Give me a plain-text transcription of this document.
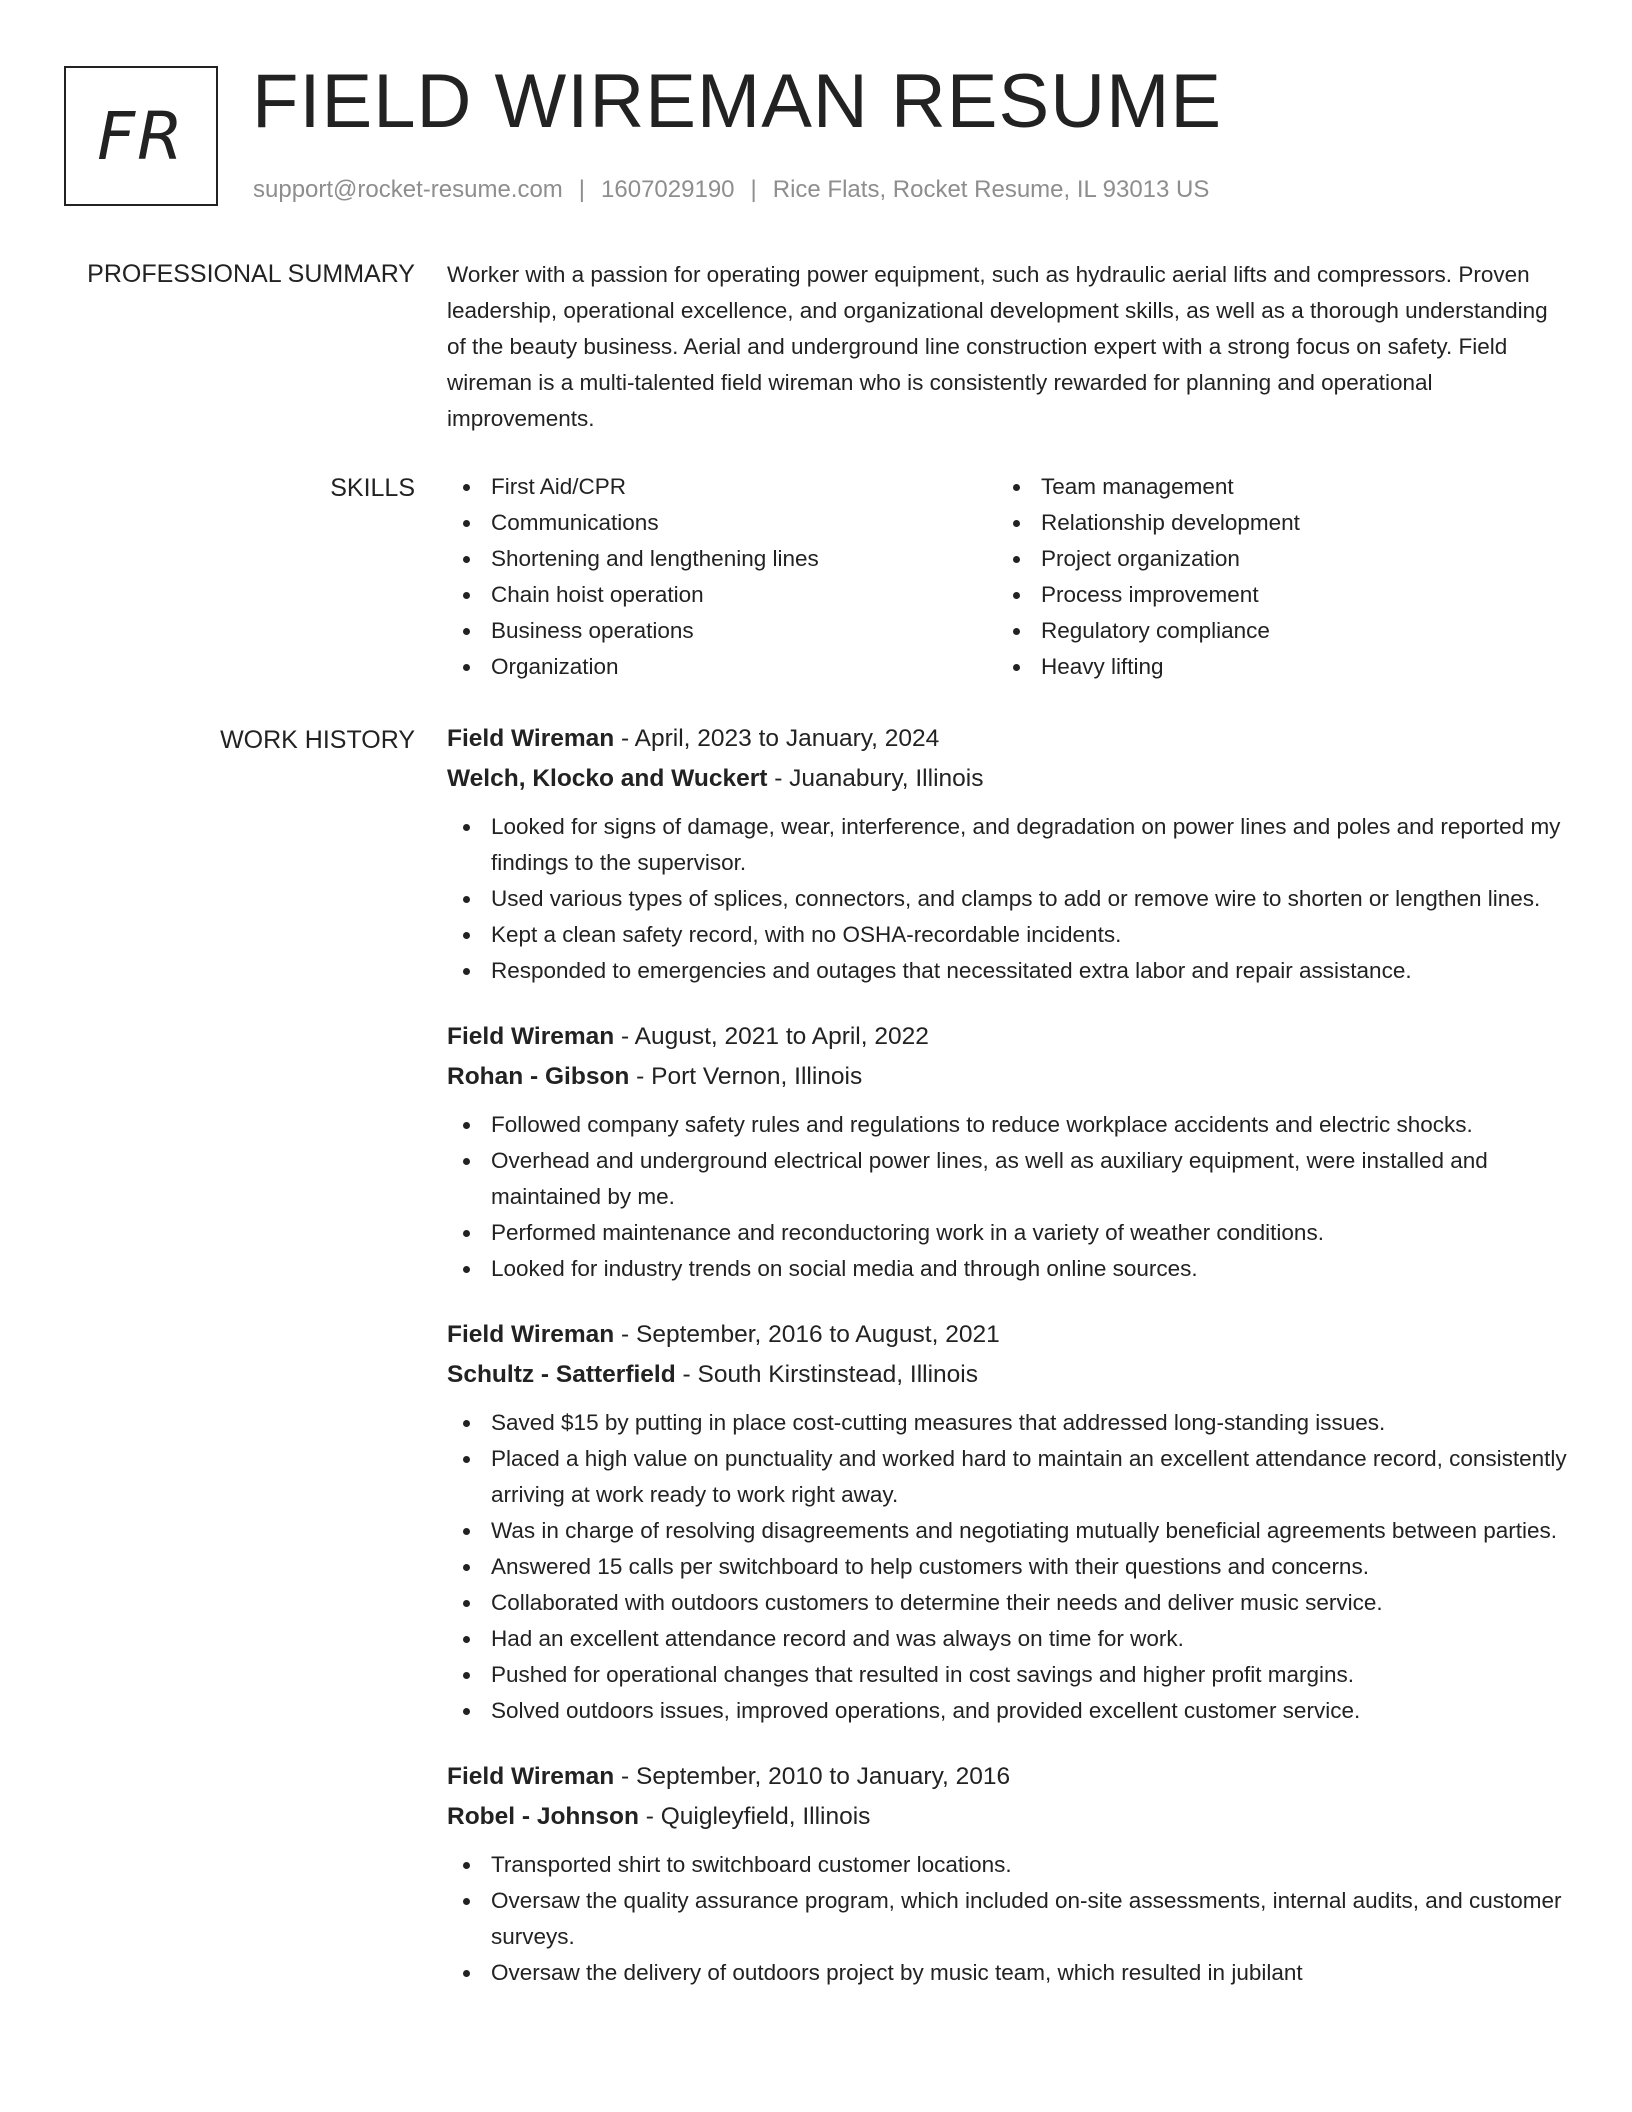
FR FIELD WIREMAN RESUME
support@rocket-resume.com | 1607029190 | Rice Flats, Rocket Resume, IL 93013 US
PROFESSIONAL SUMMARY Worker with a passion for operating power equipment, such as hydraulic aerial lifts and compressors. Proven leadership, operational excellence, and organizational development skills, as well as a thorough understanding of the beauty business. Aerial and underground line construction expert with a strong focus on safety. Field wireman is a multi-talented field wireman who is consistently rewarded for planning and operational improvements.

SKILLS	First Aid/CPR
Communications
Shortening and lengthening lines
Chain hoist operation
Business operations
Organization
Team management
Relationship development
Project organization
Process improvement
Regulatory compliance
Heavy lifting
WORK HISTORY Field Wireman - April, 2023 to January, 2024
Welch, Klocko and Wuckert - Juanabury, Illinois
Looked for signs of damage, wear, interference, and degradation on power lines and poles and reported my findings to the supervisor.
Used various types of splices, connectors, and clamps to add or remove wire to shorten or lengthen lines.
Kept a clean safety record, with no OSHA-recordable incidents.
Responded to emergencies and outages that necessitated extra labor and repair assistance.
Field Wireman - August, 2021 to April, 2022
Rohan - Gibson - Port Vernon, Illinois
Followed company safety rules and regulations to reduce workplace accidents and electric shocks.
Overhead and underground electrical power lines, as well as auxiliary equipment, were installed and maintained by me.
Performed maintenance and reconductoring work in a variety of weather conditions.
Looked for industry trends on social media and through online sources.
Field Wireman - September, 2016 to August, 2021
Schultz - Satterfield - South Kirstinstead, Illinois
Saved $15 by putting in place cost-cutting measures that addressed long-standing issues.
Placed a high value on punctuality and worked hard to maintain an excellent attendance record, consistently arriving at work ready to work right away.
Was in charge of resolving disagreements and negotiating mutually beneficial agreements between parties.
Answered 15 calls per switchboard to help customers with their questions and concerns.
Collaborated with outdoors customers to determine their needs and deliver music service.
Had an excellent attendance record and was always on time for work.
Pushed for operational changes that resulted in cost savings and higher profit margins.
Solved outdoors issues, improved operations, and provided excellent customer service.
Field Wireman - September, 2010 to January, 2016
Robel - Johnson - Quigleyfield, Illinois
Transported shirt to switchboard customer locations.
Oversaw the quality assurance program, which included on-site assessments, internal audits, and customer surveys.
Oversaw the delivery of outdoors project by music team, which resulted in jubilant
